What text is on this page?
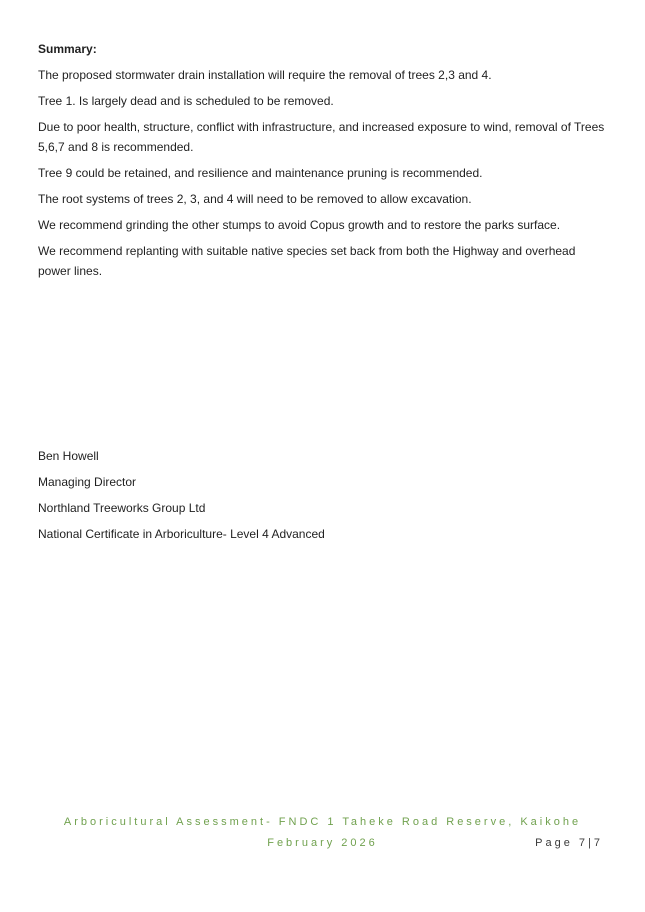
Summary:

The proposed stormwater drain installation will require the removal of trees 2,3 and 4.

Tree 1. Is largely dead and is scheduled to be removed.

Due to poor health, structure, conflict with infrastructure, and increased exposure to wind, removal of Trees 5,6,7 and 8 is recommended.

Tree 9 could be retained, and resilience and maintenance pruning is recommended.

The root systems of trees 2, 3, and 4 will need to be removed to allow excavation.

We recommend grinding the other stumps to avoid Copus growth and to restore the parks surface.

We recommend replanting with suitable native species set back from both the Highway and overhead power lines.

Ben Howell
Managing Director
Northland Treeworks Group Ltd
National Certificate in Arboriculture- Level 4 Advanced
Arboricultural Assessment- FNDC 1 Taheke Road Reserve, Kaikohe
February 2026	Page 7|7
